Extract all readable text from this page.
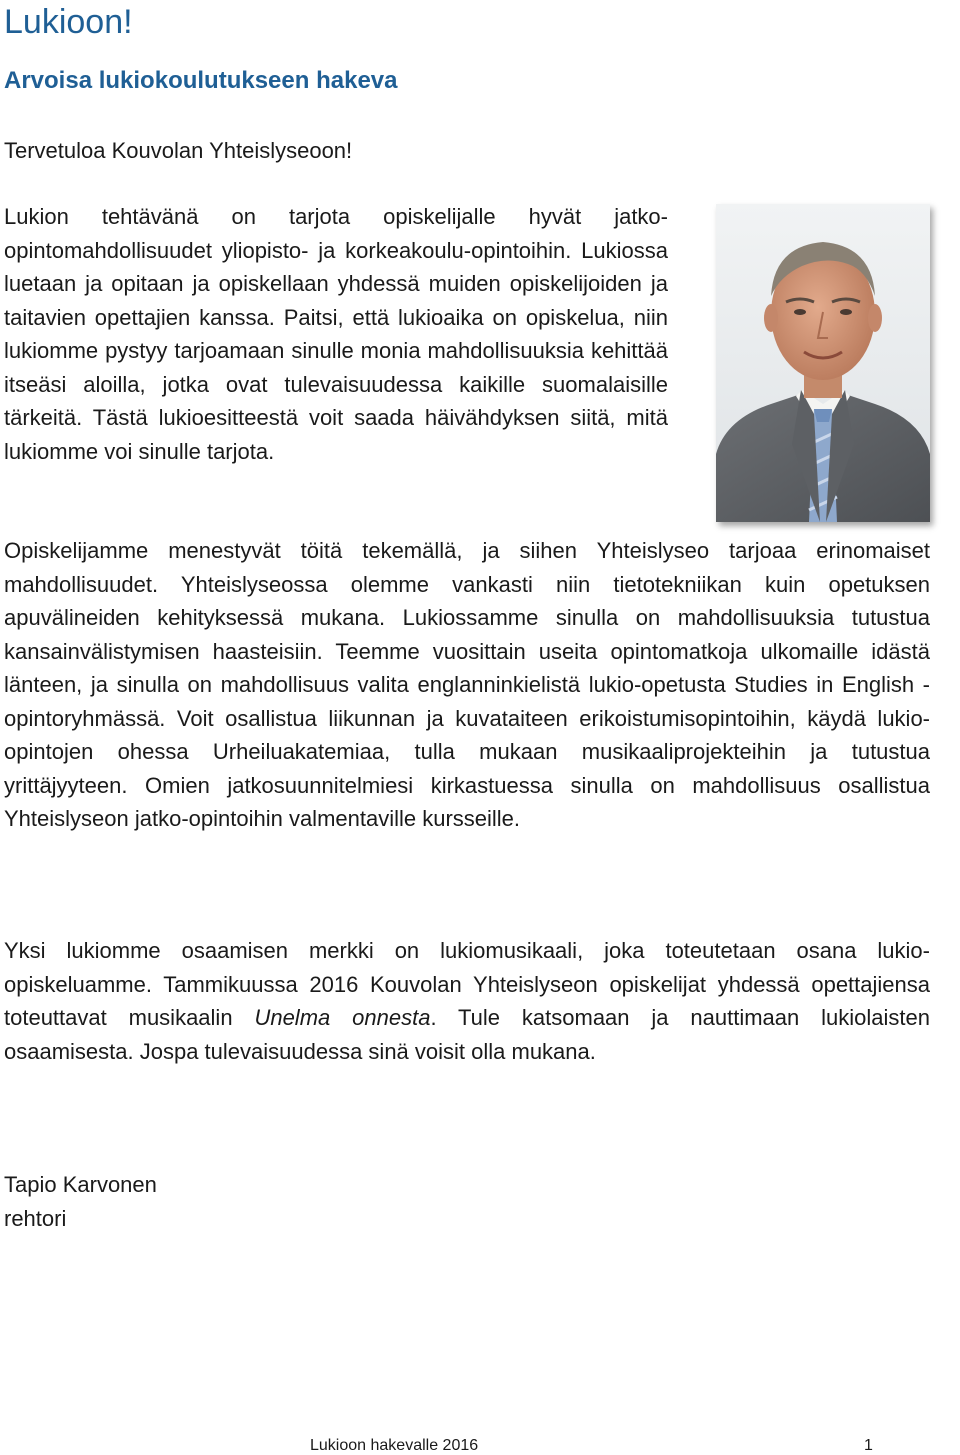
Lukioon!
Arvoisa lukiokoulutukseen hakeva

Tervetuloa Kouvolan Yhteislyseoon!

Lukion tehtävänä on tarjota opiskelijalle hyvät jatko-opintomahdollisuudet yliopisto- ja korkeakoulu-opintoihin. Lukiossa luetaan ja opitaan ja opiskellaan yhdessä muiden opiskelijoiden ja taitavien opettajien kanssa. Paitsi, että lukioaika on opiskelua, niin lukiomme pystyy tarjoamaan sinulle monia mahdollisuuksia kehittää itseäsi aloilla, jotka ovat tulevaisuudessa kaikille suomalaisille tärkeitä. Tästä lukioesitteestä voit saada häivähdyksen siitä, mitä lukiomme voi sinulle tarjota.

Opiskelijamme menestyvät töitä tekemällä, ja siihen Yhteislyseo tarjoaa erinomaiset mahdollisuudet. Yhteislyseossa olemme vankasti niin tietotekniikan kuin opetuksen apuvälineiden kehityksessä mukana. Lukiossamme sinulla on mahdollisuuksia tutustua kansainvälistymisen haasteisiin. Teemme vuosittain useita opintomatkoja ulkomaille idästä länteen, ja sinulla on mahdollisuus valita englanninkielistä lukio-opetusta Studies in English -opintoryhmässä. Voit osallistua liikunnan ja kuvataiteen erikoistumisopintoihin, käydä lukio-opintojen ohessa Urheiluakatemiaa, tulla mukaan musikaaliprojekteihin ja tutustua yrittäjyyteen. Omien jatkosuunnitelmiesi kirkastuessa sinulla on mahdollisuus osallistua Yhteislyseon jatko-opintoihin valmentaville kursseille.

Yksi lukiomme osaamisen merkki on lukiomusikaali, joka toteutetaan osana lukio-opiskeluamme. Tammikuussa 2016 Kouvolan Yhteislyseon opiskelijat yhdessä opettajiensa toteuttavat musikaalin Unelma onnesta. Tule katsomaan ja nauttimaan lukiolaisten osaamisesta. Jospa tulevaisuudessa sinä voisit olla mukana.

Tapio Karvonen
rehtori
Lukioon hakevalle 2016	1
